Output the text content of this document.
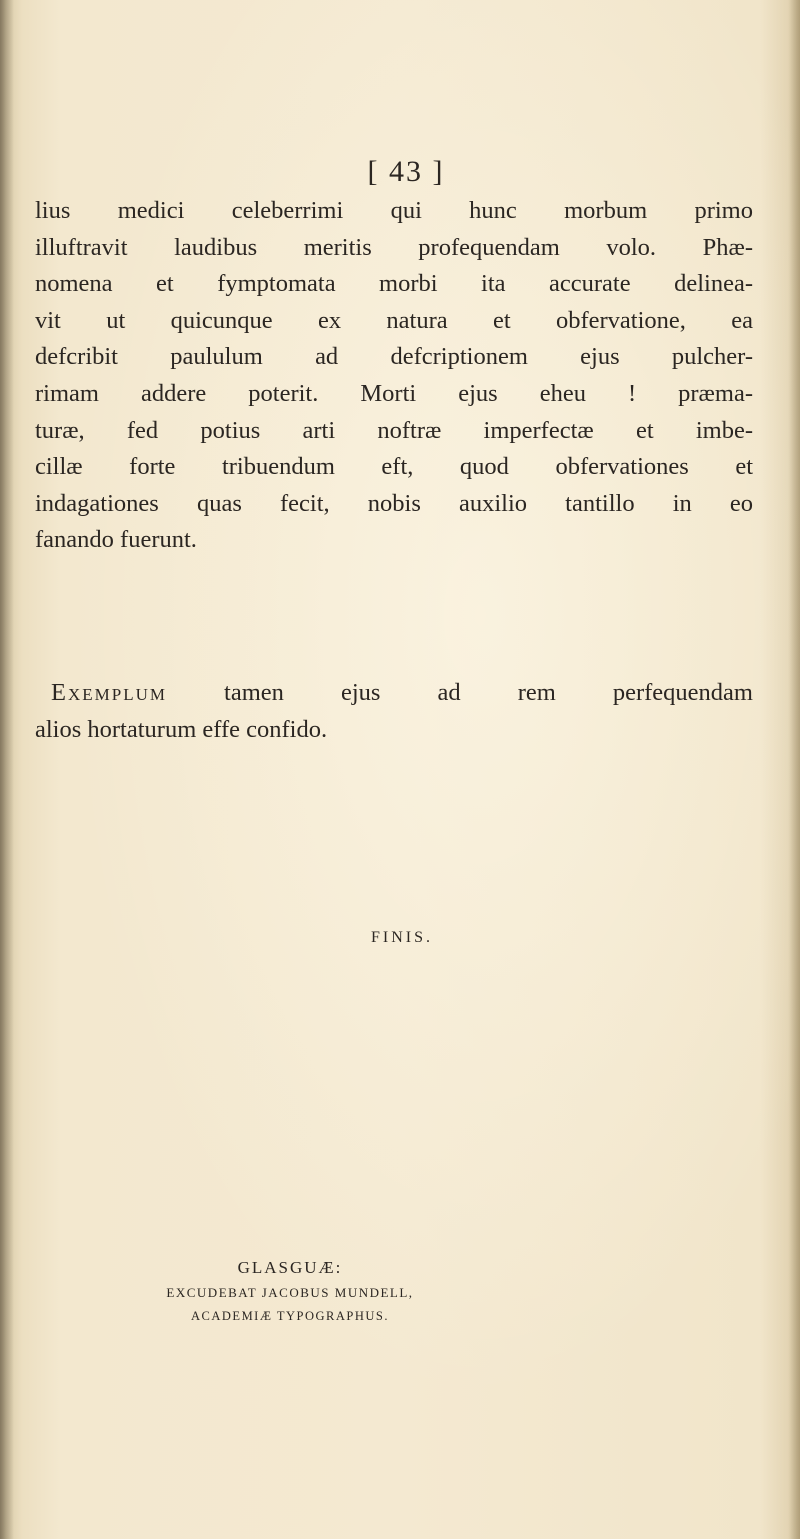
[ 43 ]
lius medici celeberrimi qui hunc morbum primo
illuftravit laudibus meritis profequendam volo. Phæ-
nomena et fymptomata morbi ita accurate delinea-
vit ut quicunque ex natura et obfervatione, ea
defcribit paululum ad defcriptionem ejus pulcher-
rimam addere poterit. Morti ejus eheu ! præma-
turæ, fed potius arti noftræ imperfectæ et imbe-
cillæ forte tribuendum eft, quod obfervationes et
indagationes quas fecit, nobis auxilio tantillo in eo
fanando fuerunt.
Exemplum tamen ejus ad rem perfequendam
alios hortaturum effe confido.
FINIS.
GLASGUÆ:
EXCUDEBAT JACOBUS MUNDELL,
ACADEMIÆ TYPOGRAPHUS.
